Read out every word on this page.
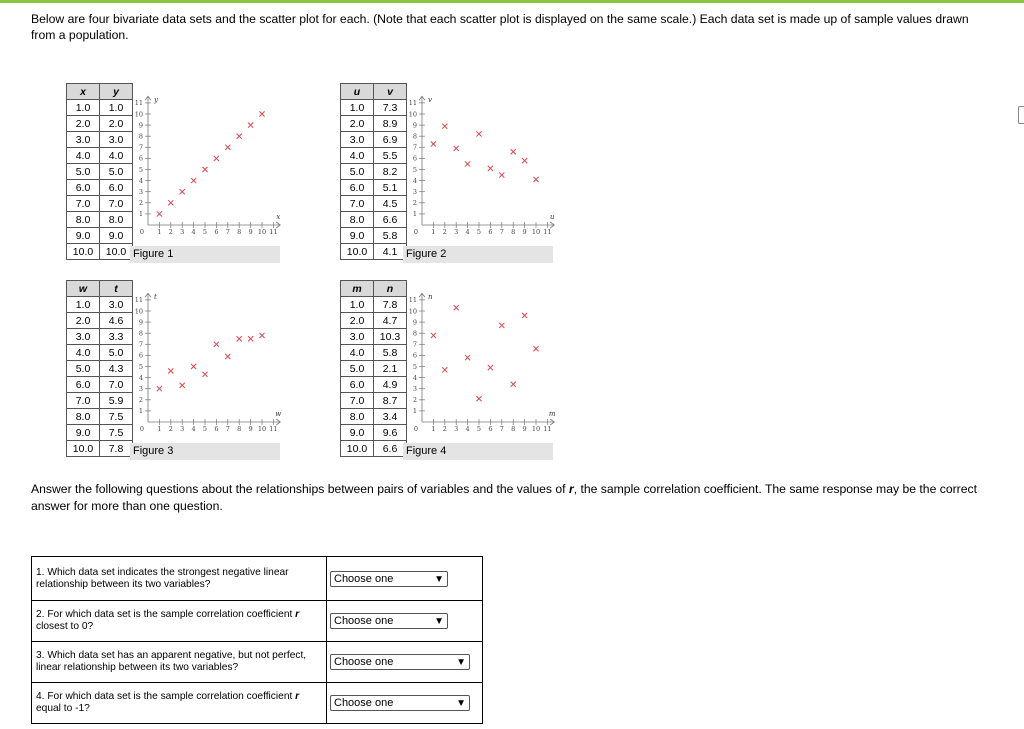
Below are four bivariate data sets and the scatter plot for each. (Note that each scatter plot is displayed on the same scale.) Each data set is made up of sample values drawn from a population.
x	y
1.0	1.0
2.0	2.0
3.0	3.0
4.0	4.0
5.0	5.0
6.0	6.0
7.0	7.0
8.0	8.0
9.0	9.0
10.0	10.0
1
1
2
2
3
3
4
4
5
5
6
6
7
7
8
8
9
9
10
10
11
11
0
x
y
Figure 1
u	v
1.0	7.3
2.0	8.9
3.0	6.9
4.0	5.5
5.0	8.2
6.0	5.1
7.0	4.5
8.0	6.6
9.0	5.8
10.0	4.1
1
1
2
2
3
3
4
4
5
5
6
6
7
7
8
8
9
9
10
10
11
11
0
u
v
Figure 2
w	t
1.0	3.0
2.0	4.6
3.0	3.3
4.0	5.0
5.0	4.3
6.0	7.0
7.0	5.9
8.0	7.5
9.0	7.5
10.0	7.8
1
1
2
2
3
3
4
4
5
5
6
6
7
7
8
8
9
9
10
10
11
11
0
w
t
Figure 3
m	n
1.0	7.8
2.0	4.7
3.0	10.3
4.0	5.8
5.0	2.1
6.0	4.9
7.0	8.7
8.0	3.4
9.0	9.6
10.0	6.6
1
1
2
2
3
3
4
4
5
5
6
6
7
7
8
8
9
9
10
10
11
11
0
m
n
Figure 4
Answer the following questions about the relationships between pairs of variables and the values of r, the sample correlation coefficient. The same response may be the correct answer for more than one question.
1. Which data set indicates the strongest negative linear relationship between its two variables?	Choose one	▼
2. For which data set is the sample correlation coefficient r closest to 0?	Choose one	▼
3. Which data set has an apparent negative, but not perfect, linear relationship between its two variables?	Choose one	▼
4. For which data set is the sample correlation coefficient r equal to -1?	Choose one	▼
